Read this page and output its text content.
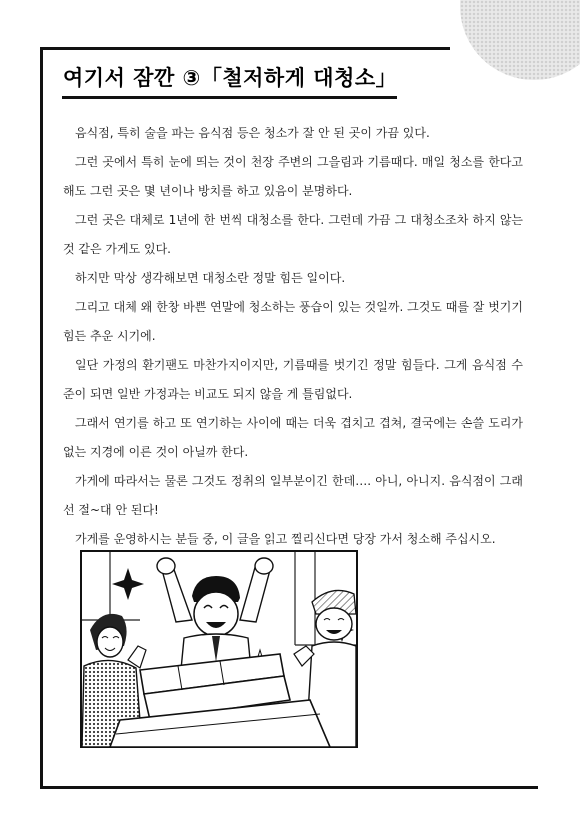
여기서 잠깐 ③「철저하게 대청소」

음식점, 특히 술을 파는 음식점 등은 청소가 잘 안 된 곳이 가끔 있다.

그런 곳에서 특히 눈에 띄는 것이 천장 주변의 그을림과 기름때다. 매일 청소를 한다고 해도 그런 곳은 몇 년이나 방치를 하고 있음이 분명하다.

그런 곳은 대체로 1년에 한 번씩 대청소를 한다. 그런데 가끔 그 대청소조차 하지 않는 것 같은 가게도 있다.

하지만 막상 생각해보면 대청소란 정말 힘든 일이다.

그리고 대체 왜 한창 바쁜 연말에 청소하는 풍습이 있는 것일까. 그것도 때를 잘 벗기기 힘든 추운 시기에.

일단 가정의 환기팬도 마찬가지이지만, 기름때를 벗기긴 정말 힘들다. 그게 음식점 수준이 되면 일반 가정과는 비교도 되지 않을 게 틀림없다.

그래서 연기를 하고 또 연기하는 사이에 때는 더욱 겹치고 겹쳐, 결국에는 손쓸 도리가 없는 지경에 이른 것이 아닐까 한다.

가게에 따라서는 물론 그것도 정취의 일부분이긴 한데…. 아니, 아니지. 음식점이 그래선 절~대 안 된다!

가게를 운영하시는 분들 중, 이 글을 읽고 찔리신다면 당장 가서 청소해 주십시오.
